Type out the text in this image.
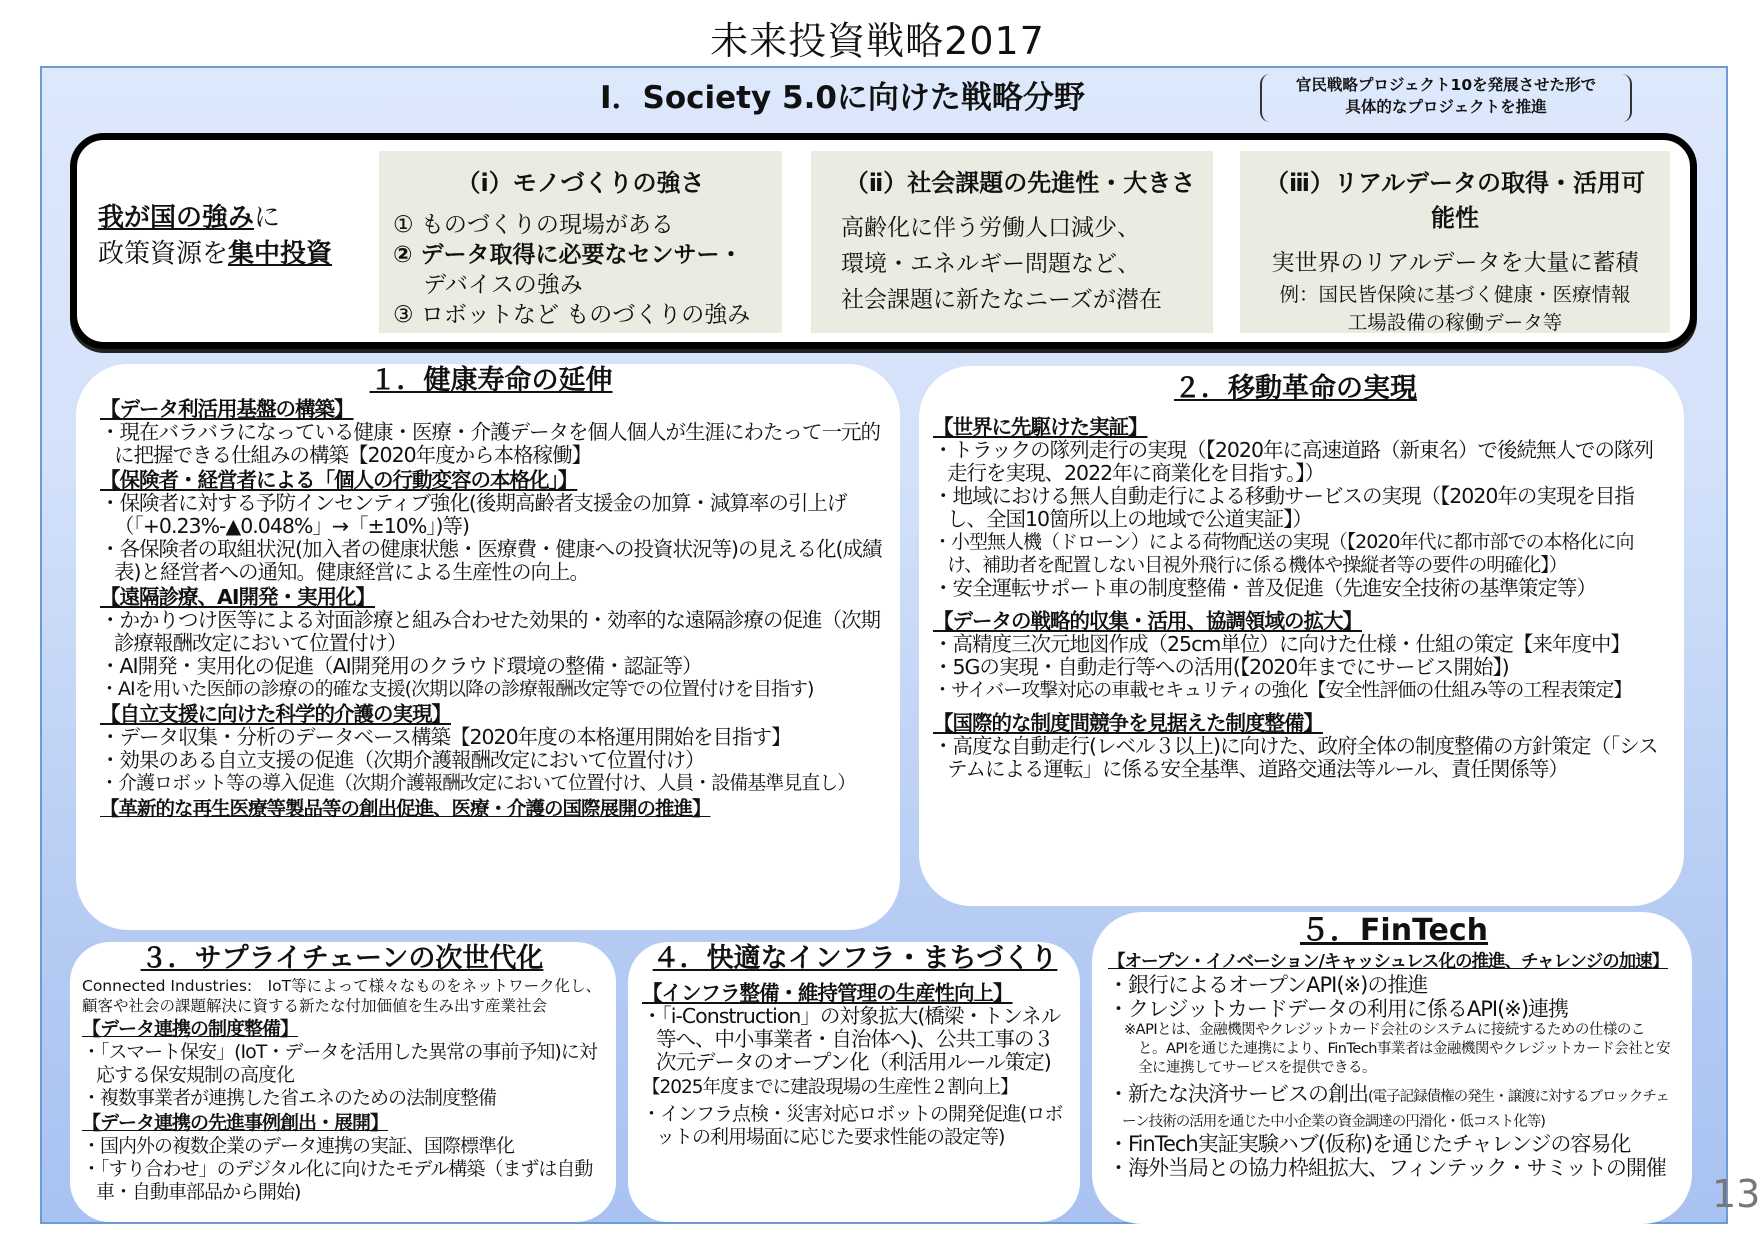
未来投資戦略2017
Ⅰ．Society 5.0に向けた戦略分野	官民戦略プロジェクト10を発展させた形で
具体的なプロジェクトを推進
我が国の強みに
政策資源を集中投資
（ⅰ）モノづくりの強さ
① ものづくりの現場がある
② データ取得に必要なセンサー・
　 デバイスの強み
③ ロボットなど ものづくりの強み
（ⅱ）社会課題の先進性・大きさ
高齢化に伴う労働人口減少、
環境・エネルギー問題など、
社会課題に新たなニーズが潜在
（ⅲ）リアルデータの取得・活用可能性
実世界のリアルデータを大量に蓄積
例：国民皆保険に基づく健康・医療情報
工場設備の稼働データ等
１．健康寿命の延伸
【データ利活用基盤の構築】
・現在バラバラになっている健康・医療・介護データを個人個人が生涯にわたって一元的に把握できる仕組みの構築【2020年度から本格稼働】
【保険者・経営者による「個人の行動変容の本格化」】
・保険者に対する予防インセンティブ強化(後期高齢者支援金の加算・減算率の引上げ（「+0.23%-▲0.048%」→「±10%」)等)
・各保険者の取組状況(加入者の健康状態・医療費・健康への投資状況等)の見える化(成績表)と経営者への通知。健康経営による生産性の向上。
【遠隔診療、AI開発・実用化】
・かかりつけ医等による対面診療と組み合わせた効果的・効率的な遠隔診療の促進（次期診療報酬改定において位置付け）
・AI開発・実用化の促進（AI開発用のクラウド環境の整備・認証等）
・AIを用いた医師の診療の的確な支援(次期以降の診療報酬改定等での位置付けを目指す)
【自立支援に向けた科学的介護の実現】
・データ収集・分析のデータベース構築【2020年度の本格運用開始を目指す】
・効果のある自立支援の促進（次期介護報酬改定において位置付け）
・介護ロボット等の導入促進（次期介護報酬改定において位置付け、人員・設備基準見直し）
【革新的な再生医療等製品等の創出促進、医療・介護の国際展開の推進】
２．移動革命の実現
【世界に先駆けた実証】
・トラックの隊列走行の実現（【2020年に高速道路（新東名）で後続無人での隊列走行を実現、2022年に商業化を目指す。】）
・地域における無人自動走行による移動サービスの実現（【2020年の実現を目指し、全国10箇所以上の地域で公道実証】）
・小型無人機（ドローン）による荷物配送の実現（【2020年代に都市部での本格化に向け、補助者を配置しない目視外飛行に係る機体や操縦者等の要件の明確化】）
・安全運転サポート車の制度整備・普及促進（先進安全技術の基準策定等）
【データの戦略的収集・活用、協調領域の拡大】
・高精度三次元地図作成（25cm単位）に向けた仕様・仕組の策定【来年度中】
・5Gの実現・自動走行等への活用(【2020年までにサービス開始】)
・サイバー攻撃対応の車載セキュリティの強化【安全性評価の仕組み等の工程表策定】
【国際的な制度間競争を見据えた制度整備】
・高度な自動走行(レベル３以上)に向けた、政府全体の制度整備の方針策定（「システムによる運転」に係る安全基準、道路交通法等ルール、責任関係等）
３．サプライチェーンの次世代化
Connected Industries:　IoT等によって様々なものをネットワーク化し、顧客や社会の課題解決に資する新たな付加価値を生み出す産業社会
【データ連携の制度整備】
・「スマート保安」(IoT・データを活用した異常の事前予知)に対応する保安規制の高度化
・複数事業者が連携した省エネのための法制度整備
【データ連携の先進事例創出・展開】
・国内外の複数企業のデータ連携の実証、国際標準化
・「すり合わせ」のデジタル化に向けたモデル構築（まずは自動車・自動車部品から開始)
４．快適なインフラ・まちづくり
【インフラ整備・維持管理の生産性向上】
・「i-Construction」の対象拡大(橋梁・トンネル等へ、中小事業者・自治体へ)、公共工事の３次元データのオープン化（利活用ルール策定)
【2025年度までに建設現場の生産性２割向上】
・インフラ点検・災害対応ロボットの開発促進(ロボットの利用場面に応じた要求性能の設定等)
５．FinTech
【オープン・イノベーション/キャッシュレス化の推進、チャレンジの加速】
・銀行によるオープンAPI(※)の推進
・クレジットカードデータの利用に係るAPI(※)連携
※APIとは、金融機関やクレジットカード会社のシステムに接続するための仕様のこと。APIを通じた連携により、FinTech事業者は金融機関やクレジットカード会社と安全に連携してサービスを提供できる。
・新たな決済サービスの創出(電子記録債権の発生・譲渡に対するブロックチェーン技術の活用を通じた中小企業の資金調達の円滑化・低コスト化等)
・FinTech実証実験ハブ(仮称)を通じたチャレンジの容易化
・海外当局との協力枠組拡大、フィンテック・サミットの開催
13
